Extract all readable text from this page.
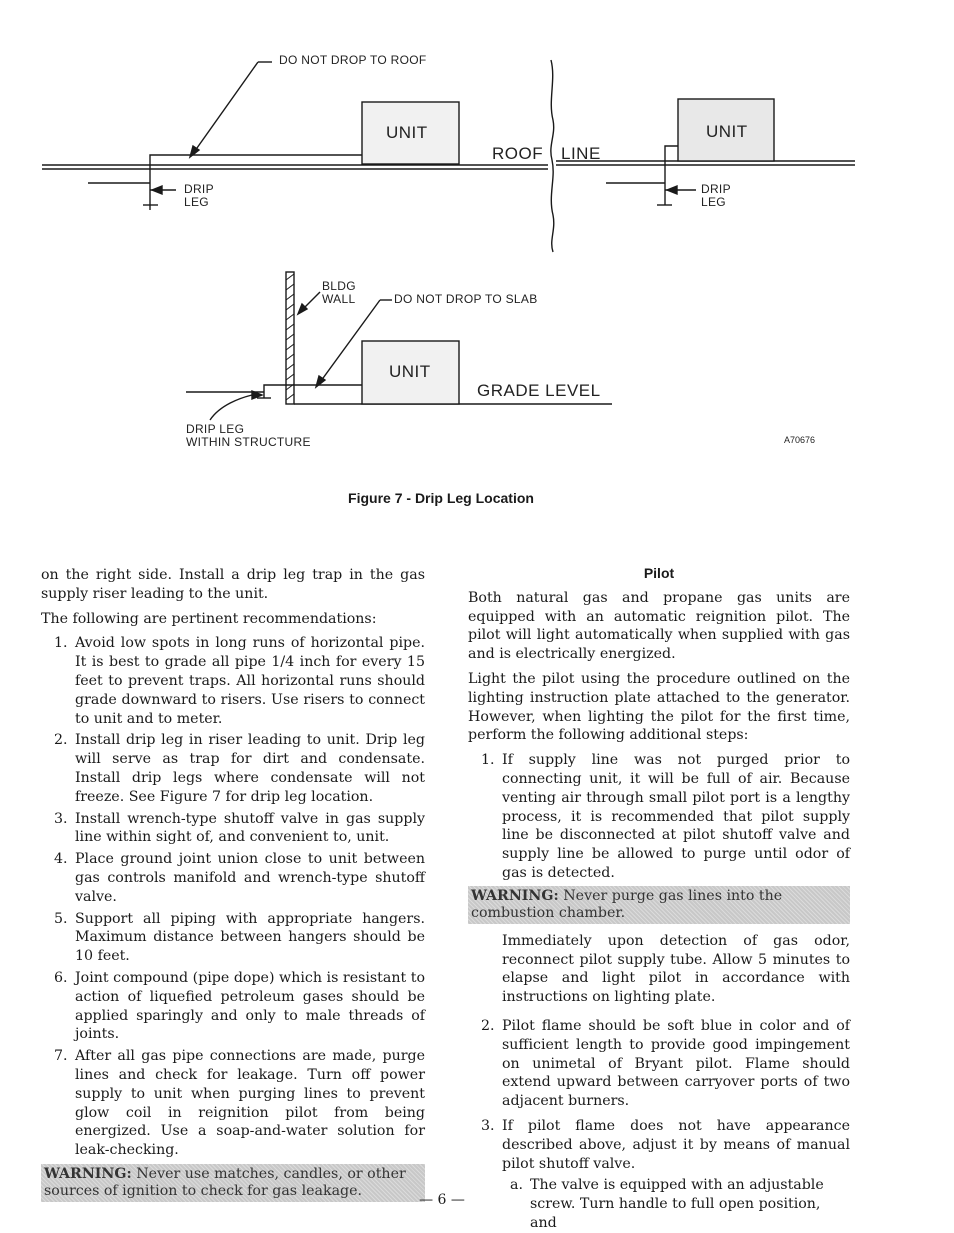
DO NOT DROP TO ROOF
UNIT
ROOF LINE
UNIT
DRIP
LEG
DRIP
LEG
BLDG
WALL	DO NOT DROP TO SLAB
UNIT
GRADE LEVEL
DRIP LEG
WITHIN STRUCTURE	A70676
Figure 7 - Drip Leg Location

on the right side. Install a drip leg trap in the gas supply riser leading to the unit.

The following are pertinent recommendations:

1. Avoid low spots in long runs of horizontal pipe. It is best to grade all pipe 1/4 inch for every 15 feet to prevent traps. All horizontal runs should grade downward to risers. Use risers to connect to unit and to meter.
2. Install drip leg in riser leading to unit. Drip leg will serve as trap for dirt and condensate. Install drip legs where condensate will not freeze. See Figure 7 for drip leg location.
3. Install wrench-type shutoff valve in gas supply line within sight of, and convenient to, unit.
4. Place ground joint union close to unit between gas controls manifold and wrench-type shutoff valve.
5. Support all piping with appropriate hangers. Maximum distance between hangers should be 10 feet.
6. Joint compound (pipe dope) which is resistant to action of liquefied petroleum gases should be applied sparingly and only to male threads of joints.
7. After all gas pipe connections are made, purge lines and check for leakage. Turn off power supply to unit when purging lines to prevent glow coil in reignition pilot from being energized. Use a soap-and-water solution for leak-checking.
WARNING: Never use matches, candles, or other sources of ignition to check for gas leakage.
Pilot

Both natural gas and propane gas units are equipped with an automatic reignition pilot. The pilot will light automatically when supplied with gas and is electrically energized.

Light the pilot using the procedure outlined on the lighting instruction plate attached to the generator. However, when lighting the pilot for the first time, perform the following additional steps:

1. If supply line was not purged prior to connecting unit, it will be full of air. Because venting air through small pilot port is a lengthy process, it is recommended that pilot supply line be disconnected at pilot shutoff valve and supply line be allowed to purge until odor of gas is detected.
WARNING: Never purge gas lines into the combustion chamber.

Immediately upon detection of gas odor, reconnect pilot supply tube. Allow 5 minutes to elapse and light pilot in accordance with instructions on lighting plate.

2. Pilot flame should be soft blue in color and of sufficient length to provide good impingement on unimetal of Bryant pilot. Flame should extend upward between carryover ports of two adjacent burners.
3. If pilot flame does not have appearance described above, adjust it by means of manual pilot shutoff valve.
a. The valve is equipped with an adjustable screw. Turn handle to full open position, and
— 6 —
